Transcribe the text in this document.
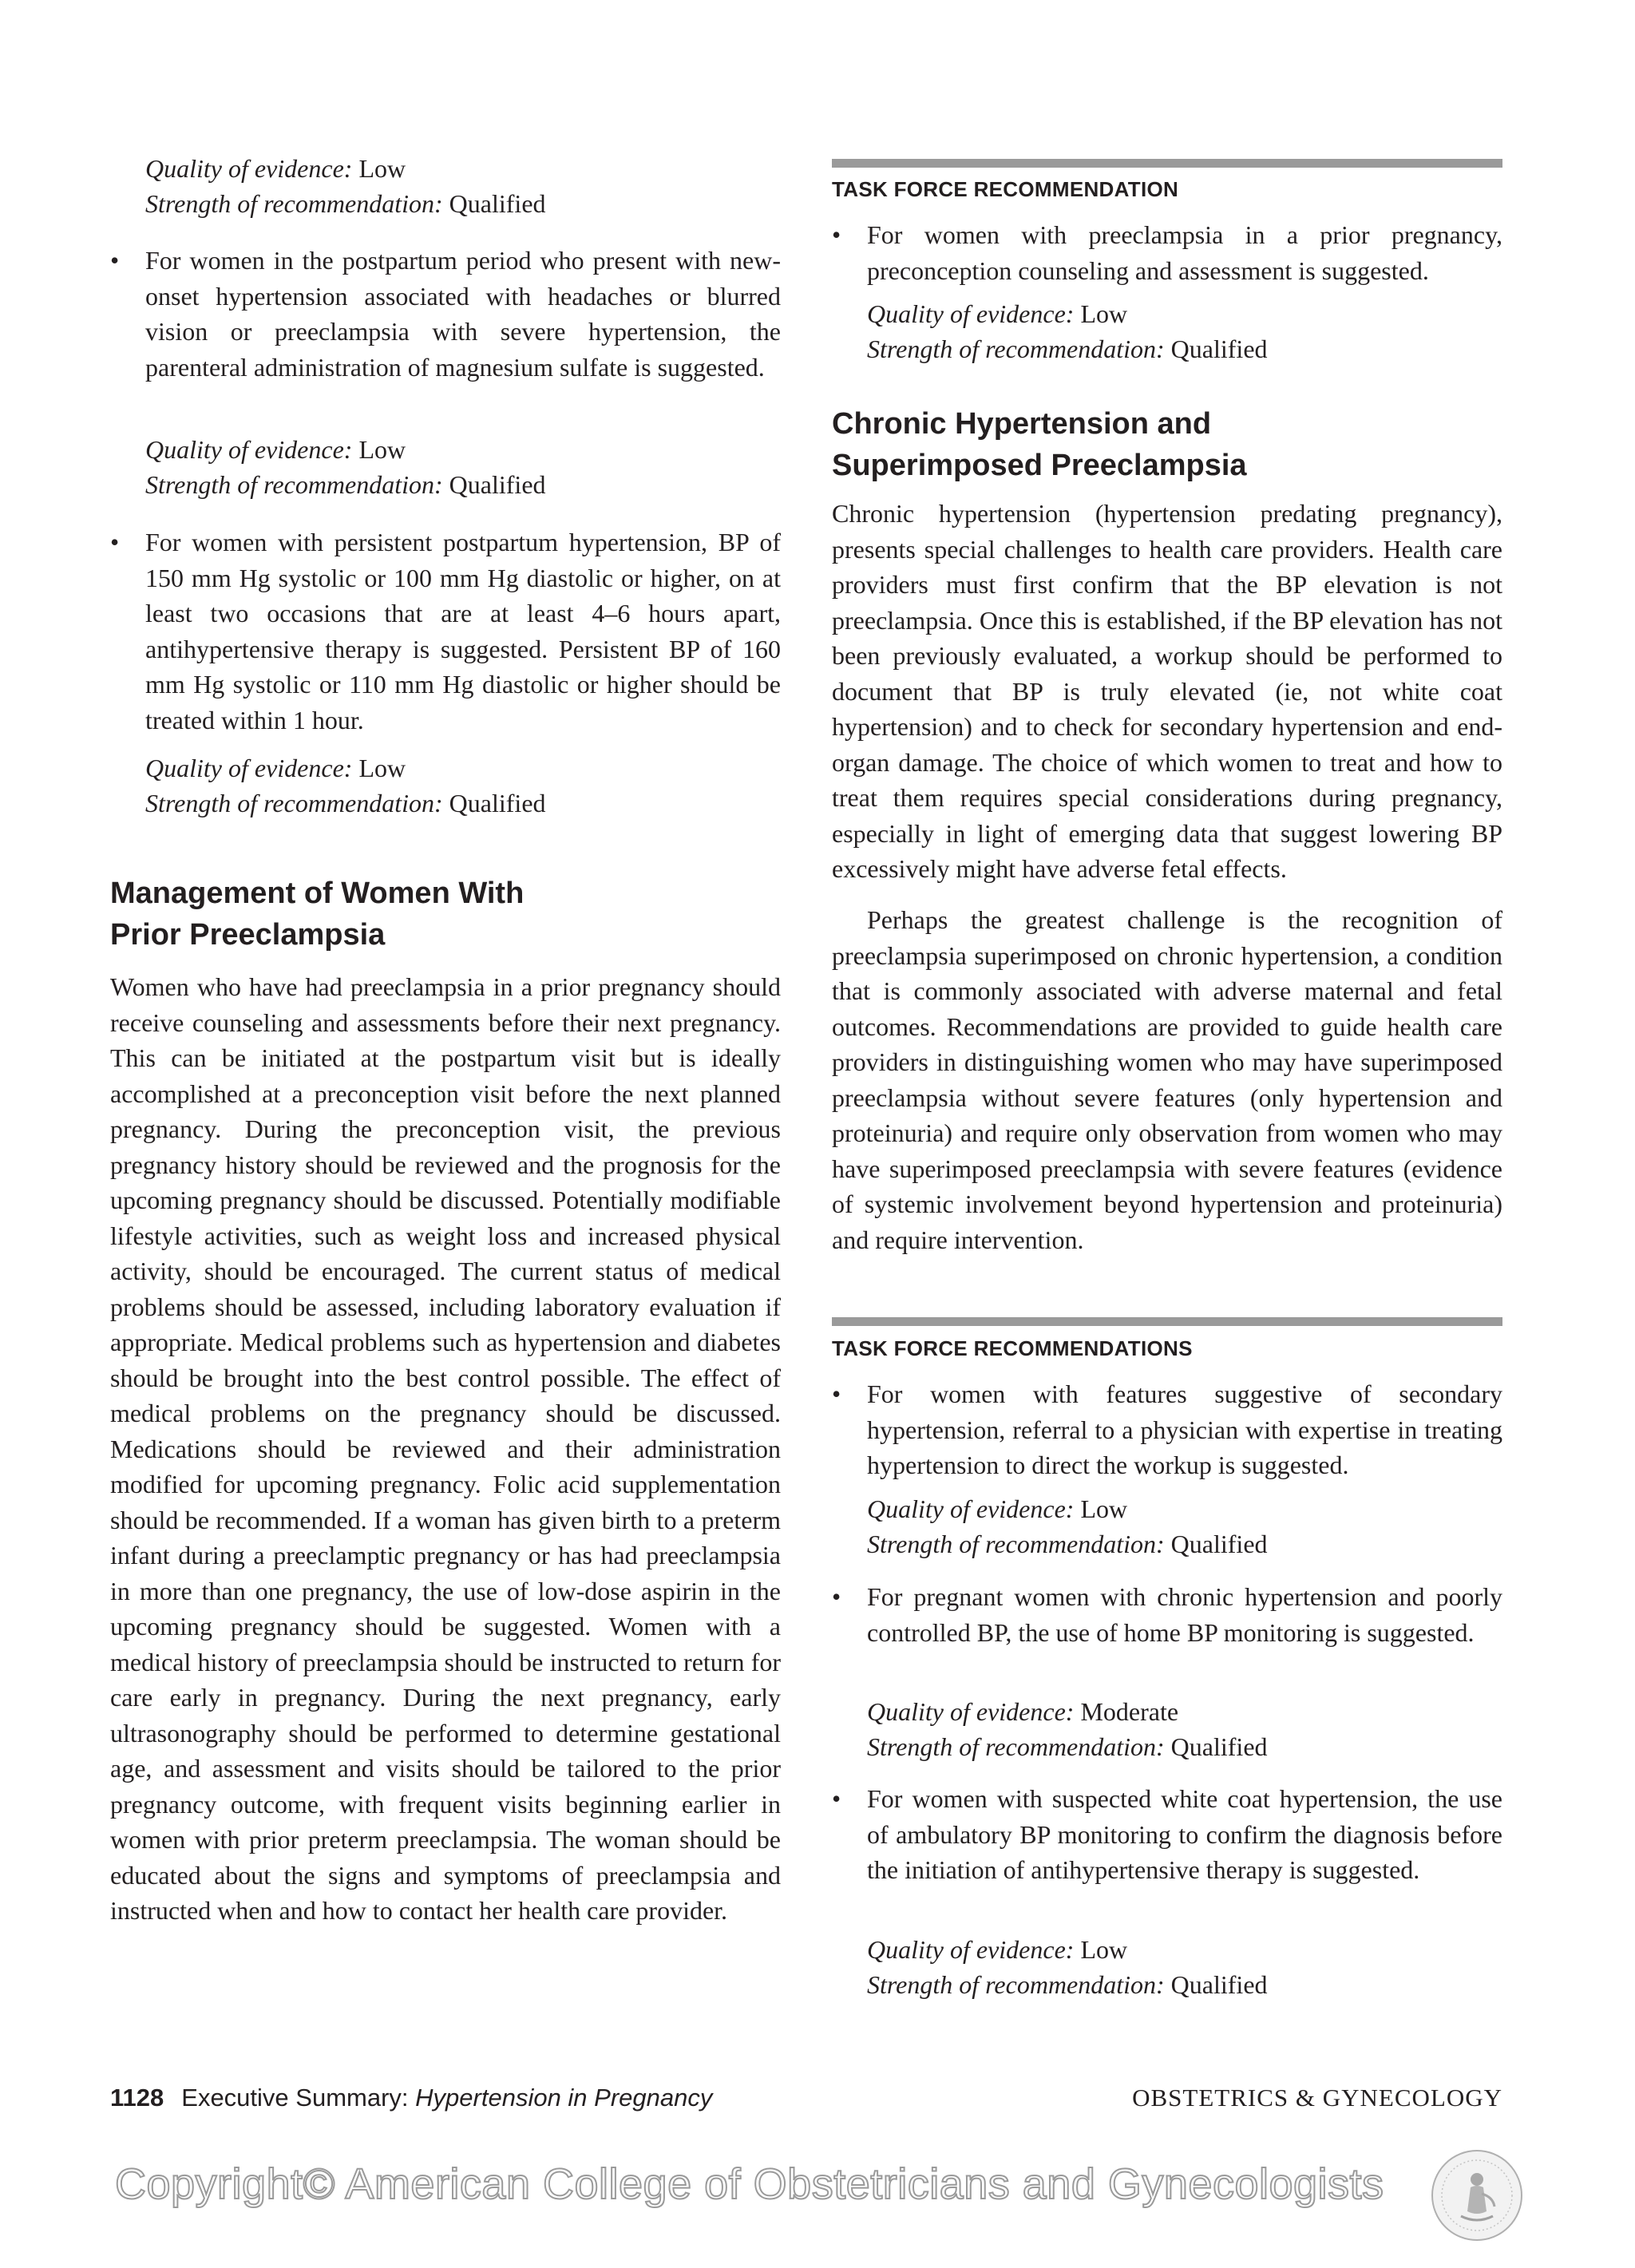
Quality of evidence: Low
Strength of recommendation: Qualified
• For women in the postpartum period who present with new-onset hypertension associated with headaches or blurred vision or preeclampsia with severe hypertension, the parenteral administration of magnesium sulfate is suggested.
Quality of evidence: Low
Strength of recommendation: Qualified
• For women with persistent postpartum hypertension, BP of 150 mm Hg systolic or 100 mm Hg diastolic or higher, on at least two occasions that are at least 4–6 hours apart, antihypertensive therapy is suggested. Persistent BP of 160 mm Hg systolic or 110 mm Hg diastolic or higher should be treated within 1 hour.
Quality of evidence: Low
Strength of recommendation: Qualified
Management of Women With
Prior Preeclampsia

Women who have had preeclampsia in a prior pregnancy should receive counseling and assessments before their next pregnancy. This can be initiated at the postpartum visit but is ideally accomplished at a preconception visit before the next planned pregnancy. During the preconception visit, the previous pregnancy history should be reviewed and the prognosis for the upcoming pregnancy should be discussed. Potentially modifiable lifestyle activities, such as weight loss and increased physical activity, should be encouraged. The current status of medical problems should be assessed, including laboratory evaluation if appropriate. Medical problems such as hypertension and diabetes should be brought into the best control possible. The effect of medical problems on the pregnancy should be discussed. Medications should be reviewed and their administration modified for upcoming pregnancy. Folic acid supplementation should be recommended. If a woman has given birth to a preterm infant during a preeclamptic pregnancy or has had preeclampsia in more than one pregnancy, the use of low-dose aspirin in the upcoming pregnancy should be suggested. Women with a medical history of preeclampsia should be instructed to return for care early in pregnancy. During the next pregnancy, early ultrasonography should be performed to determine gestational age, and assessment and visits should be tailored to the prior pregnancy outcome, with frequent visits beginning earlier in women with prior preterm preeclampsia. The woman should be educated about the signs and symptoms of preeclampsia and instructed when and how to contact her health care provider.

TASK FORCE RECOMMENDATION
• For women with preeclampsia in a prior pregnancy, preconception counseling and assessment is suggested.
Quality of evidence: Low
Strength of recommendation: Qualified
Chronic Hypertension and
Superimposed Preeclampsia

Chronic hypertension (hypertension predating pregnancy), presents special challenges to health care providers. Health care providers must first confirm that the BP elevation is not preeclampsia. Once this is established, if the BP elevation has not been previously evaluated, a workup should be performed to document that BP is truly elevated (ie, not white coat hypertension) and to check for secondary hypertension and end-organ damage. The choice of which women to treat and how to treat them requires special considerations during pregnancy, especially in light of emerging data that suggest lowering BP excessively might have adverse fetal effects.

Perhaps the greatest challenge is the recognition of preeclampsia superimposed on chronic hypertension, a condition that is commonly associated with adverse maternal and fetal outcomes. Recommendations are provided to guide health care providers in distinguishing women who may have superimposed preeclampsia without severe features (only hypertension and proteinuria) and require only observation from women who may have superimposed preeclampsia with severe features (evidence of systemic involvement beyond hypertension and proteinuria) and require intervention.

TASK FORCE RECOMMENDATIONS
• For women with features suggestive of secondary hypertension, referral to a physician with expertise in treating hypertension to direct the workup is suggested.
Quality of evidence: Low
Strength of recommendation: Qualified
• For pregnant women with chronic hypertension and poorly controlled BP, the use of home BP monitoring is suggested.
Quality of evidence: Moderate
Strength of recommendation: Qualified
• For women with suspected white coat hypertension, the use of ambulatory BP monitoring to confirm the diagnosis before the initiation of antihypertensive therapy is suggested.
Quality of evidence: Low
Strength of recommendation: Qualified
1128 Executive Summary: Hypertension in Pregnancy	OBSTETRICS & GYNECOLOGY
Copyright© American College of Obstetricians and Gynecologists
